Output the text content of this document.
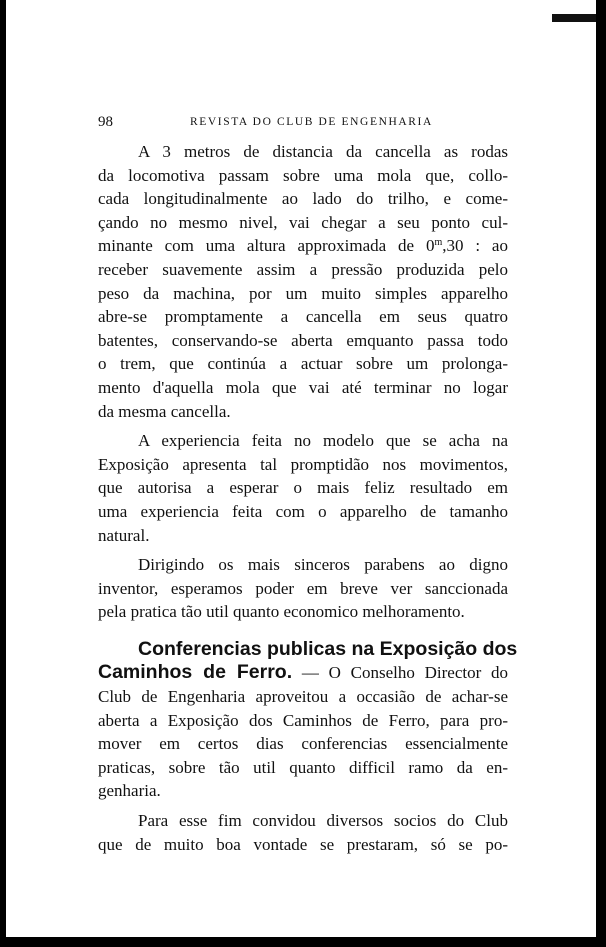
98	REVISTA DO CLUB DE ENGENHARIA
A 3 metros de distancia da cancella as rodas
da locomotiva passam sobre uma mola que, collo-
cada longitudinalmente ao lado do trilho, e come-
çando no mesmo nivel, vai chegar a seu ponto cul-
minante com uma altura approximada de 0$^m$,30 : ao
receber suavemente assim a pressão produzida pelo
peso da machina, por um muito simples apparelho
abre-se promptamente a cancella em seus quatro
batentes, conservando-se aberta emquanto passa todo
o trem, que continúa a actuar sobre um prolonga-
mento d'aquella mola que vai até terminar no logar
da mesma cancella.
A experiencia feita no modelo que se acha na
Exposição apresenta tal promptidão nos movimentos,
que autorisa a esperar o mais feliz resultado em
uma experiencia feita com o apparelho de tamanho
natural.
Dirigindo os mais sinceros parabens ao digno
inventor, esperamos poder em breve ver sanccionada
pela pratica tão util quanto economico melhoramento.
Conferencias publicas na Exposição dos
Caminhos de Ferro. — O Conselho Director do
Club de Engenharia aproveitou a occasião de achar-se
aberta a Exposição dos Caminhos de Ferro, para pro-
mover em certos dias conferencias essencialmente
praticas, sobre tão util quanto difficil ramo da en-
genharia.
Para esse fim convidou diversos socios do Club
que de muito boa vontade se prestaram, só se po-
